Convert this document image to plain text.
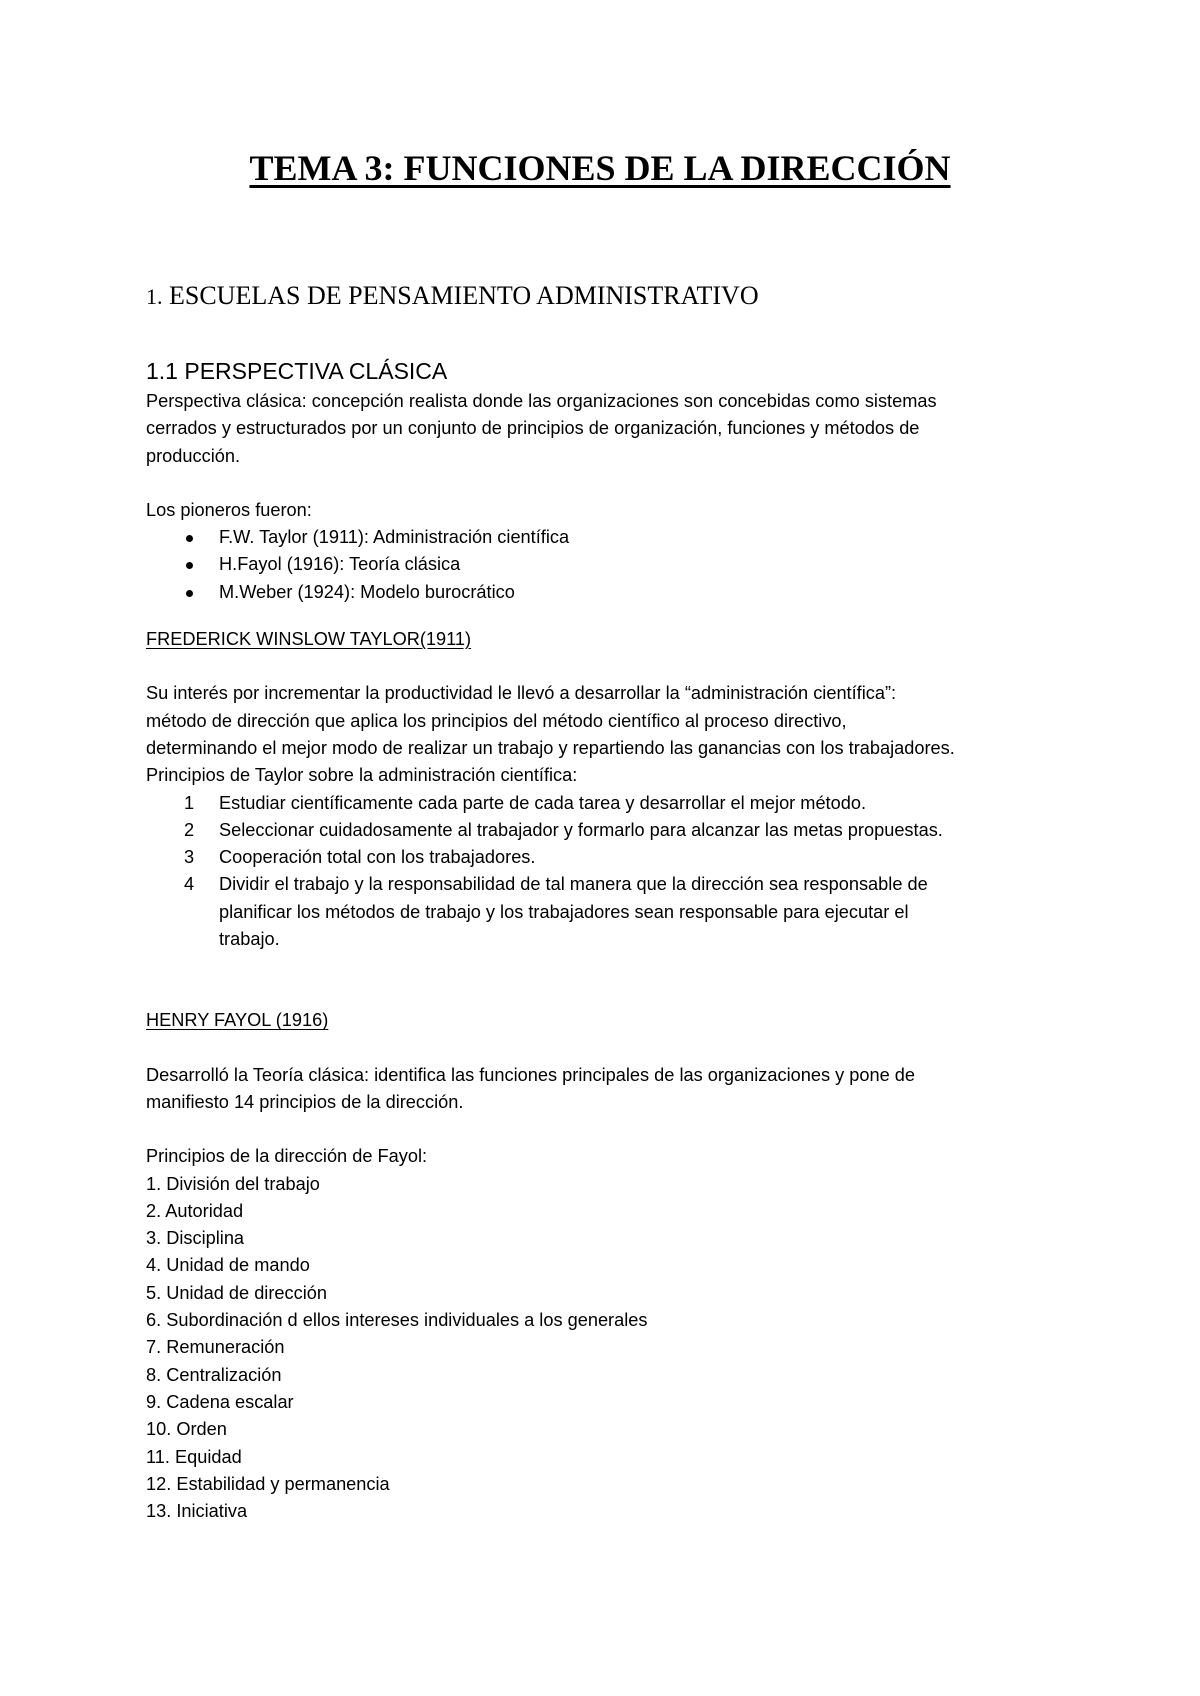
TEMA 3: FUNCIONES DE LA DIRECCIÓN
1. ESCUELAS DE PENSAMIENTO ADMINISTRATIVO

1.1 PERSPECTIVA CLÁSICA

Perspectiva clásica: concepción realista donde las organizaciones son concebidas como sistemas

cerrados y estructurados por un conjunto de principios de organización, funciones y métodos de

producción.

Los pioneros fueron:

F.W. Taylor (1911): Administración científica
H.Fayol (1916): Teoría clásica
M.Weber (1924): Modelo burocrático

FREDERICK WINSLOW TAYLOR(1911)

Su interés por incrementar la productividad le llevó a desarrollar la “administración científica”:

método de dirección que aplica los principios del método científico al proceso directivo,

determinando el mejor modo de realizar un trabajo y repartiendo las ganancias con los trabajadores.

Principios de Taylor sobre la administración científica:

1 Estudiar científicamente cada parte de cada tarea y desarrollar el mejor método.
2 Seleccionar cuidadosamente al trabajador y formarlo para alcanzar las metas propuestas.
3 Cooperación total con los trabajadores.
4 Dividir el trabajo y la responsabilidad de tal manera que la dirección sea responsable de
planificar los métodos de trabajo y los trabajadores sean responsable para ejecutar el
trabajo.

HENRY FAYOL (1916)

Desarrolló la Teoría clásica: identifica las funciones principales de las organizaciones y pone de

manifiesto 14 principios de la dirección.

Principios de la dirección de Fayol:

1. División del trabajo
2. Autoridad
3. Disciplina
4. Unidad de mando
5. Unidad de dirección
6. Subordinación d ellos intereses individuales a los generales
7. Remuneración
8. Centralización
9. Cadena escalar
10. Orden
11. Equidad
12. Estabilidad y permanencia
13. Iniciativa
